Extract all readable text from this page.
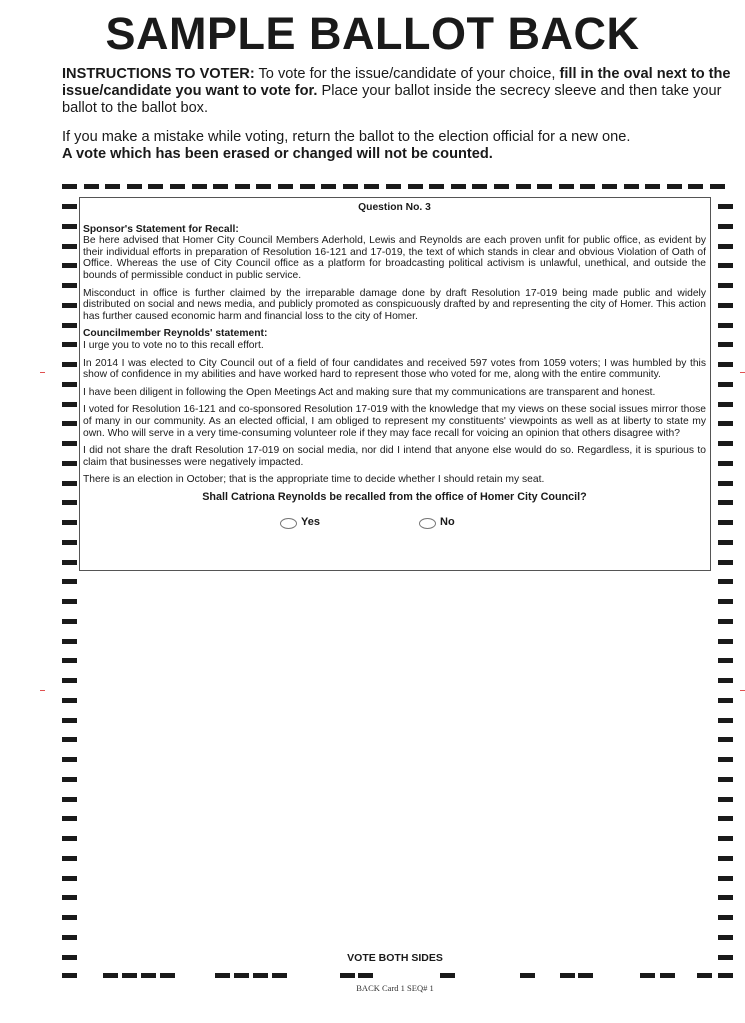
SAMPLE BALLOT BACK

INSTRUCTIONS TO VOTER: To vote for the issue/candidate of your choice, fill in the oval next to the issue/candidate you want to vote for. Place your ballot inside the secrecy sleeve and then take your ballot to the ballot box.

If you make a mistake while voting, return the ballot to the election official for a new one.
A vote which has been erased or changed will not be counted.

Question No. 3

Sponsor's Statement for Recall:

Be here advised that Homer City Council Members Aderhold, Lewis and Reynolds are each proven unfit for public office, as evident by their individual efforts in preparation of Resolution 16-121 and 17-019, the text of which stands in clear and obvious Violation of Oath of Office. Whereas the use of City Council office as a platform for broadcasting political activism is unlawful, unethical, and outside the bounds of permissible conduct in public service.

Misconduct in office is further claimed by the irreparable damage done by draft Resolution 17-019 being made public and widely distributed on social and news media, and publicly promoted as conspicuously drafted by and representing the city of Homer. This action has further caused economic harm and financial loss to the city of Homer.

Councilmember Reynolds' statement:

I urge you to vote no to this recall effort.

In 2014 I was elected to City Council out of a field of four candidates and received 597 votes from 1059 voters; I was humbled by this show of confidence in my abilities and have worked hard to represent those who voted for me, along with the entire community.

I have been diligent in following the Open Meetings Act and making sure that my communications are transparent and honest.

I voted for Resolution 16-121 and co-sponsored Resolution 17-019 with the knowledge that my views on these social issues mirror those of many in our community. As an elected official, I am obliged to represent my constituents' viewpoints as well as at liberty to state my own. Who will serve in a very time-consuming volunteer role if they may face recall for voicing an opinion that others disagree with?

I did not share the draft Resolution 17-019 on social media, nor did I intend that anyone else would do so. Regardless, it is spurious to claim that businesses were negatively impacted.

There is an election in October; that is the appropriate time to decide whether I should retain my seat.

Shall Catriona Reynolds be recalled from the office of Homer City Council?
Yes	No
VOTE BOTH SIDES
BACK Card 1 SEQ# 1
